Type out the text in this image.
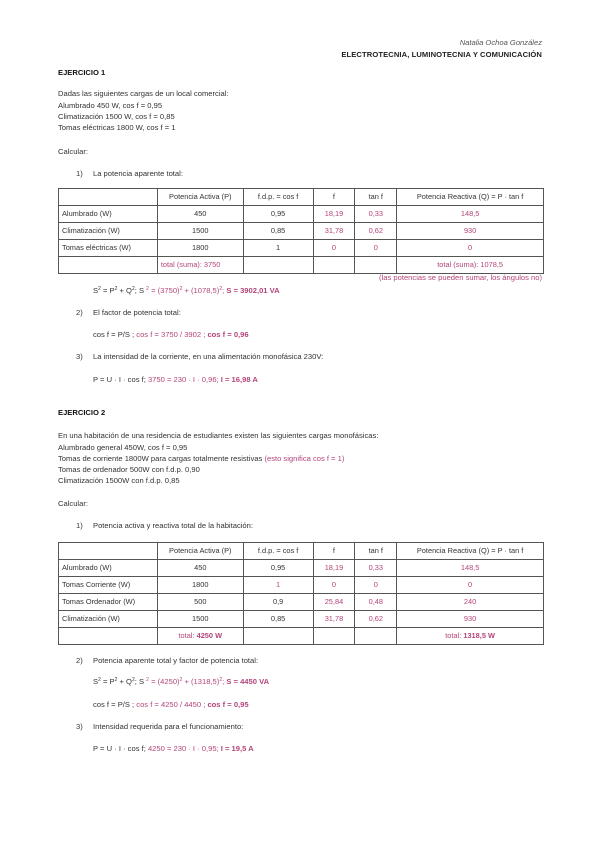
Natalia Ochoa González
ELECTROTECNIA, LUMINOTECNIA Y COMUNICACIÓN
EJERCICIO 1
Dadas las siguientes cargas de un local comercial:
Alumbrado 450 W, cos f = 0,95
Climatización 1500 W, cos f = 0,85
Tomas eléctricas 1800 W, cos f = 1
Calcular:
1) La potencia aparente total:
	Potencia Activa (P)	f.d.p. = cos f	f	tan f	Potencia Reactiva (Q) = P · tan f
Alumbrado (W)	450	0,95	18,19	0,33	148,5
Climatización (W)	1500	0,85	31,78	0,62	930
Tomas eléctricas (W)	1800	1	0	0	0
	total (suma): 3750				total (suma): 1078,5
(las potencias se pueden sumar, los ángulos no)
$S^2 = P^2 + Q^2$; S $^2 = (3750)^2 + (1078,5)^2$; S = 3902,01 VA
2) El factor de potencia total:
cos f = P/S ; cos f = 3750 / 3902 ; cos f = 0,96
3) La intensidad de la corriente, en una alimentación monofásica 230V:
P = U · I · cos f; 3750 = 230 · I · 0,96; I = 16,98 A
EJERCICIO 2
En una habitación de una residencia de estudiantes existen las siguientes cargas monofásicas:
Alumbrado general 450W, cos f = 0,95
Tomas de corriente 1800W para cargas totalmente resistivas (esto significa cos f = 1)
Tomas de ordenador 500W con f.d.p. 0,90
Climatización 1500W con f.d.p. 0,85
Calcular:
1) Potencia activa y reactiva total de la habitación:
	Potencia Activa (P)	f.d.p. = cos f	f	tan f	Potencia Reactiva (Q) = P · tan f
Alumbrado (W)	450	0,95	18,19	0,33	148,5
Tomas Corriente (W)	1800	1	0	0	0
Tomas Ordenador (W)	500	0,9	25,84	0,48	240
Climatización (W)	1500	0,85	31,78	0,62	930
	total: 4250 W				total: 1318,5 W
2) Potencia aparente total y factor de potencia total:
$S^2 = P^2 + Q^2$; S $^2 = (4250)^2 + (1318,5)^2$; S = 4450 VA
cos f = P/S ; cos f = 4250 / 4450 ; cos f = 0,95
3) Intensidad requerida para el funcionamiento:
P = U · I · cos f; 4250 = 230 · I · 0,95; I = 19,5 A
